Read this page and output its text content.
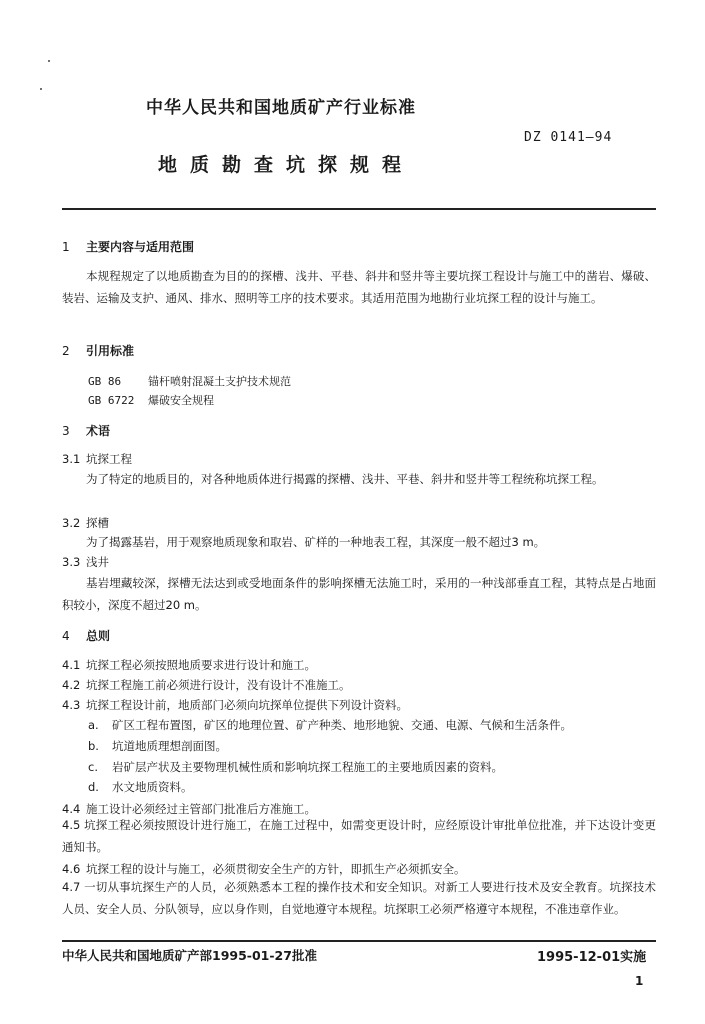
中华人民共和国地质矿产行业标准
DZ 0141—94
地质勘查坑探规程
1 主要内容与适用范围
本规程规定了以地质勘查为目的的探槽、浅井、平巷、斜井和竖井等主要坑探工程设计与施工中的凿岩、爆破、装岩、运输及支护、通风、排水、照明等工序的技术要求。其适用范围为地勘行业坑探工程的设计与施工。
2 引用标准
GB 86 锚杆喷射混凝土支护技术规范
GB 6722 爆破安全规程
3 术语
3.1 坑探工程
为了特定的地质目的，对各种地质体进行揭露的探槽、浅井、平巷、斜井和竖井等工程统称坑探工程。
3.2 探槽
为了揭露基岩，用于观察地质现象和取岩、矿样的一种地表工程，其深度一般不超过3 m。
3.3 浅井
基岩埋藏较深，探槽无法达到或受地面条件的影响探槽无法施工时，采用的一种浅部垂直工程，其特点是占地面积较小，深度不超过20 m。
4 总则
4.1 坑探工程必须按照地质要求进行设计和施工。
4.2 坑探工程施工前必须进行设计，没有设计不准施工。
4.3 坑探工程设计前，地质部门必须向坑探单位提供下列设计资料。
a. 矿区工程布置图，矿区的地理位置、矿产种类、地形地貌、交通、电源、气候和生活条件。
b. 坑道地质理想剖面图。
c. 岩矿层产状及主要物理机械性质和影响坑探工程施工的主要地质因素的资料。
d. 水文地质资料。
4.4 施工设计必须经过主管部门批准后方准施工。
4.5 坑探工程必须按照设计进行施工，在施工过程中，如需变更设计时，应经原设计审批单位批准，并下达设计变更通知书。
4.6 坑探工程的设计与施工，必须贯彻安全生产的方针，即抓生产必须抓安全。
4.7 一切从事坑探生产的人员，必须熟悉本工程的操作技术和安全知识。对新工人要进行技术及安全教育。坑探技术人员、安全人员、分队领导，应以身作则，自觉地遵守本规程。坑探职工必须严格遵守本规程，不准违章作业。
中华人民共和国地质矿产部1995-01-27批准	1995-12-01实施
1
